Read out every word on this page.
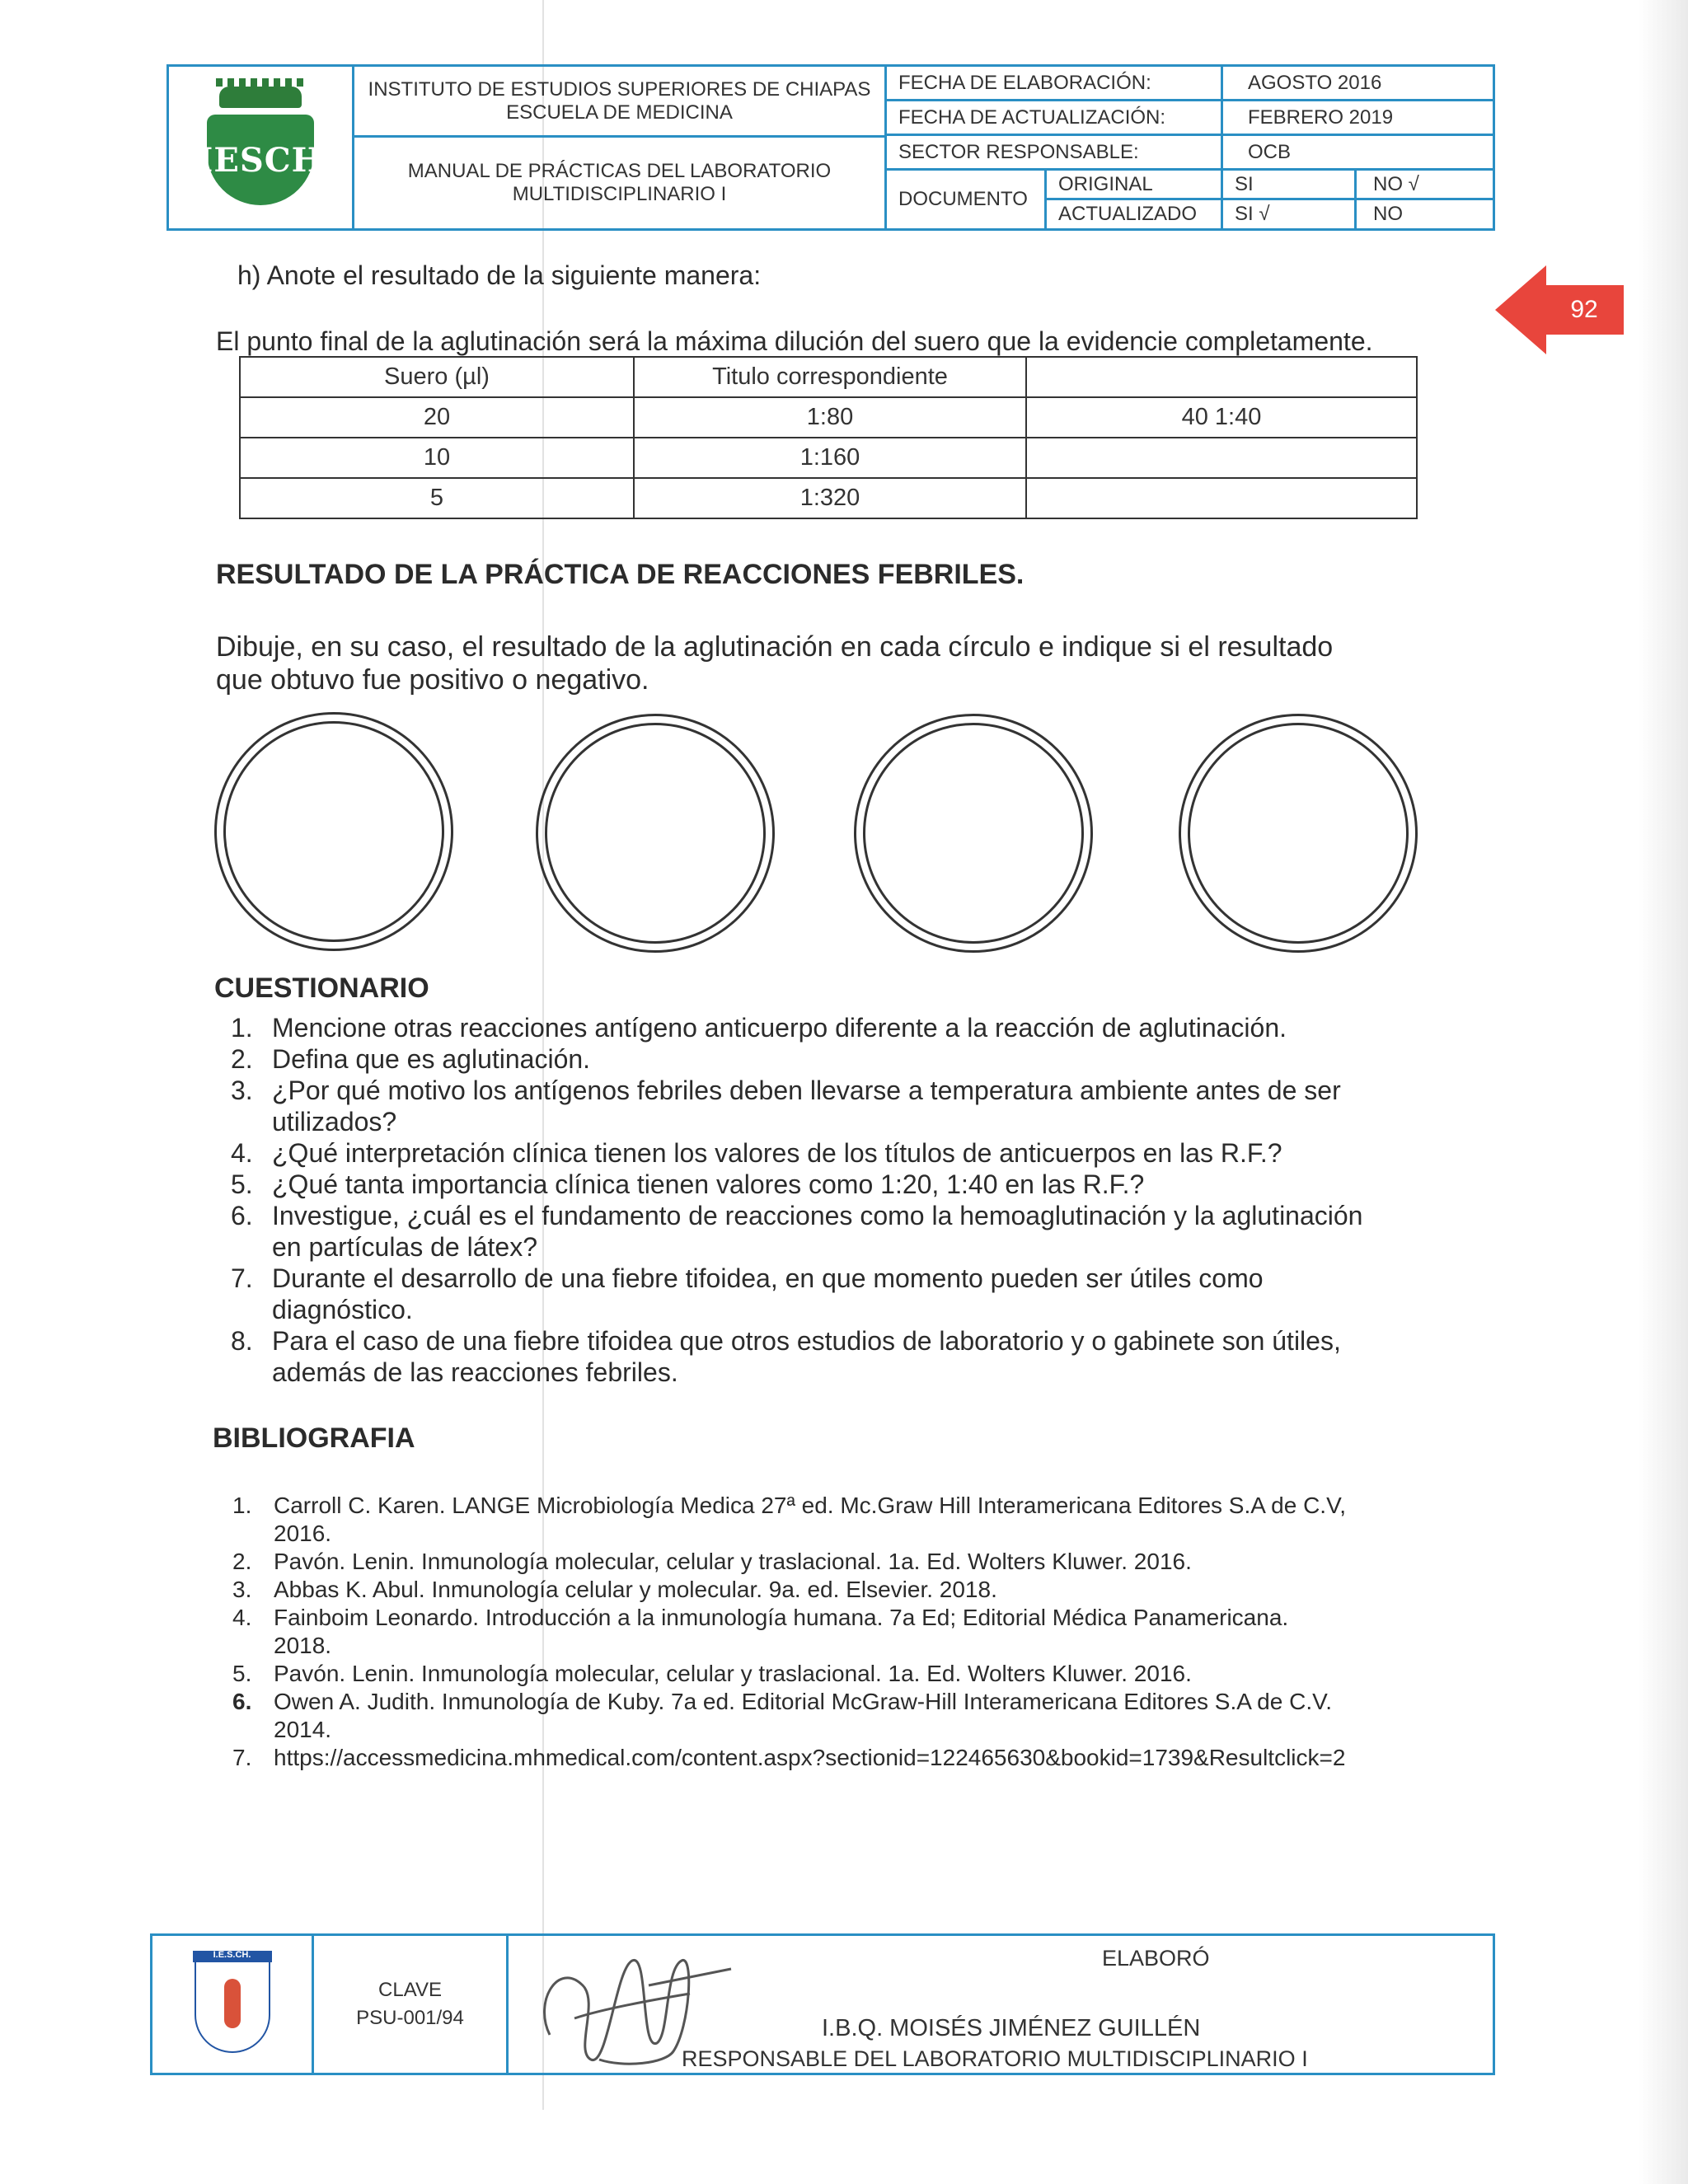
IESCH
INSTITUTO DE ESTUDIOS SUPERIORES DE CHIAPAS
ESCUELA DE MEDICINA
MANUAL DE PRÁCTICAS DEL LABORATORIO
MULTIDISCIPLINARIO I
FECHA DE ELABORACIÓN:	AGOSTO 2016
FECHA DE ACTUALIZACIÓN:	FEBRERO 2019
SECTOR RESPONSABLE:	OCB
DOCUMENTO
ORIGINAL	SI	NO √
ACTUALIZADO	SI √	NO
92
h) Anote el resultado de la siguiente manera:
El punto final de la aglutinación será la máxima dilución del suero que la evidencie completamente.
Suero (µl)	Titulo correspondiente	
20	1:80	40 1:40
10	1:160	
5	1:320	
RESULTADO DE LA PRÁCTICA DE REACCIONES FEBRILES.
Dibuje, en su caso, el resultado de la aglutinación en cada círculo e indique si el resultado
que obtuvo fue positivo o negativo.
CUESTIONARIO
1. Mencione otras reacciones antígeno anticuerpo diferente a la reacción de aglutinación.
2. Defina que es aglutinación.
3. ¿Por qué motivo los antígenos febriles deben llevarse a temperatura ambiente antes de ser
utilizados?
4. ¿Qué interpretación clínica tienen los valores de los títulos de anticuerpos en las R.F.?
5. ¿Qué tanta importancia clínica tienen valores como 1:20, 1:40 en las R.F.?
6. Investigue, ¿cuál es el fundamento de reacciones como la hemoaglutinación y la aglutinación
en partículas de látex?
7. Durante el desarrollo de una fiebre tifoidea, en que momento pueden ser útiles como
diagnóstico.
8. Para el caso de una fiebre tifoidea que otros estudios de laboratorio y o gabinete son útiles,
además de las reacciones febriles.
BIBLIOGRAFIA
1. Carroll C. Karen. LANGE Microbiología Medica 27ª ed. Mc.Graw Hill Interamericana Editores S.A de C.V,
2016.
2. Pavón. Lenin. Inmunología molecular, celular y traslacional. 1a. Ed. Wolters Kluwer. 2016.
3. Abbas K. Abul. Inmunología celular y molecular. 9a. ed. Elsevier. 2018.
4. Fainboim Leonardo. Introducción a la inmunología humana. 7a Ed; Editorial Médica Panamericana.
2018.
5. Pavón. Lenin. Inmunología molecular, celular y traslacional. 1a. Ed. Wolters Kluwer. 2016.
6. Owen A. Judith. Inmunología de Kuby. 7a ed. Editorial McGraw-Hill Interamericana Editores S.A de C.V.
2014.
7. https://accessmedicina.mhmedical.com/content.aspx?sectionid=122465630&bookid=1739&Resultclick=2
I.E.S.CH.
CLAVE
PSU-001/94
ELABORÓ
I.B.Q. MOISÉS JIMÉNEZ GUILLÉN
RESPONSABLE DEL LABORATORIO MULTIDISCIPLINARIO I
